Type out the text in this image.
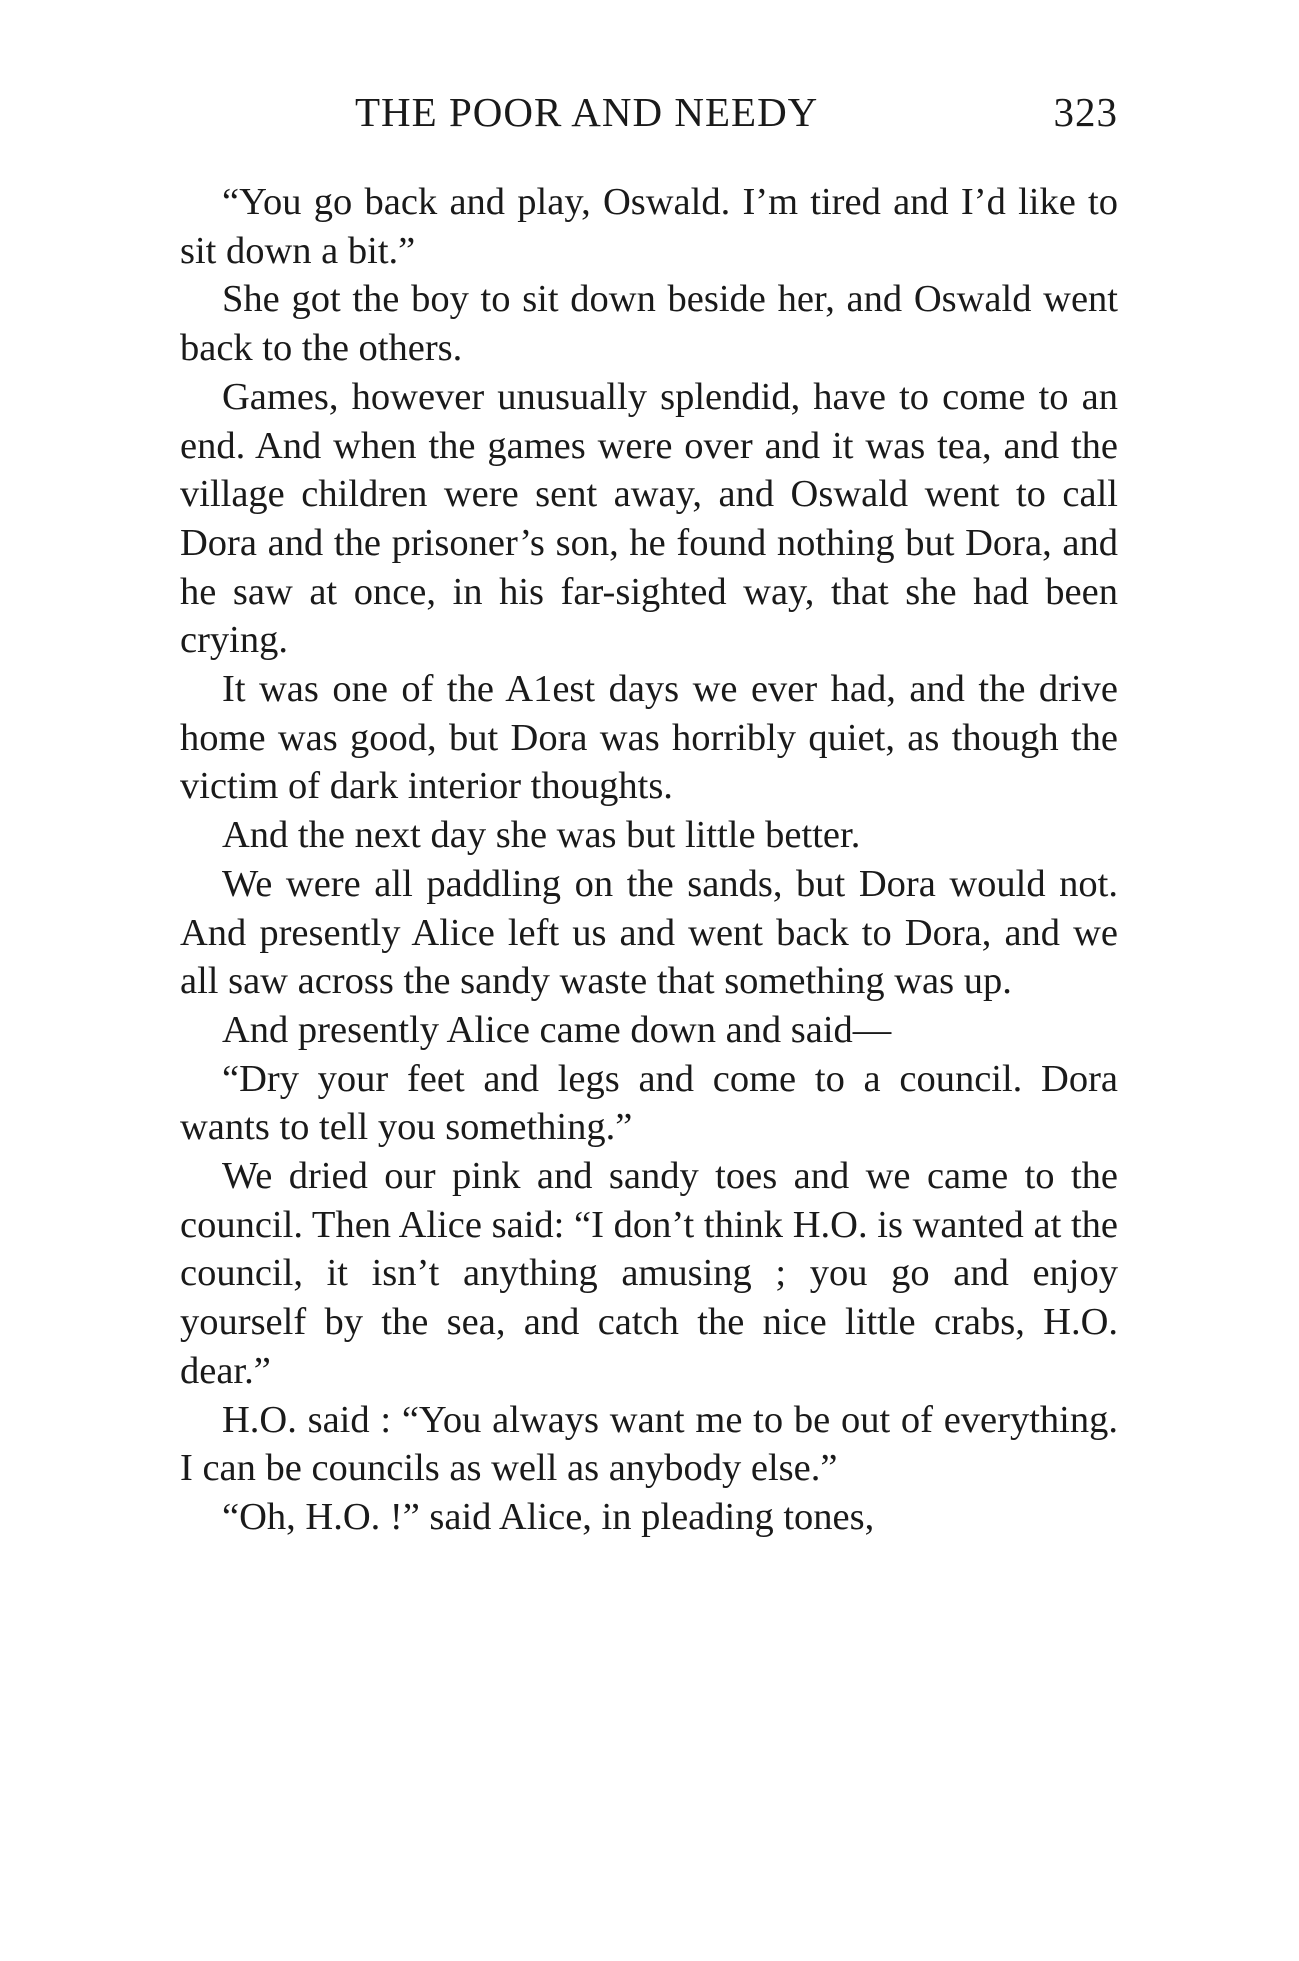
THE POOR AND NEEDY	323

“You go back and play, Oswald. I’m tired and I’d like to sit down a bit.”

She got the boy to sit down beside her, and Oswald went back to the others.

Games, however unusually splendid, have to come to an end. And when the games were over and it was tea, and the village children were sent away, and Oswald went to call Dora and the prisoner’s son, he found nothing but Dora, and he saw at once, in his far-sighted way, that she had been crying.

It was one of the A1est days we ever had, and the drive home was good, but Dora was horribly quiet, as though the victim of dark interior thoughts.

And the next day she was but little better.

We were all paddling on the sands, but Dora would not. And presently Alice left us and went back to Dora, and we all saw across the sandy waste that something was up.

And presently Alice came down and said—

“Dry your feet and legs and come to a council. Dora wants to tell you something.”

We dried our pink and sandy toes and we came to the council. Then Alice said: “I don’t think H.O. is wanted at the council, it isn’t anything amusing ; you go and enjoy yourself by the sea, and catch the nice little crabs, H.O. dear.”

H.O. said : “You always want me to be out of everything. I can be councils as well as anybody else.”

“Oh, H.O. !” said Alice, in pleading tones,
